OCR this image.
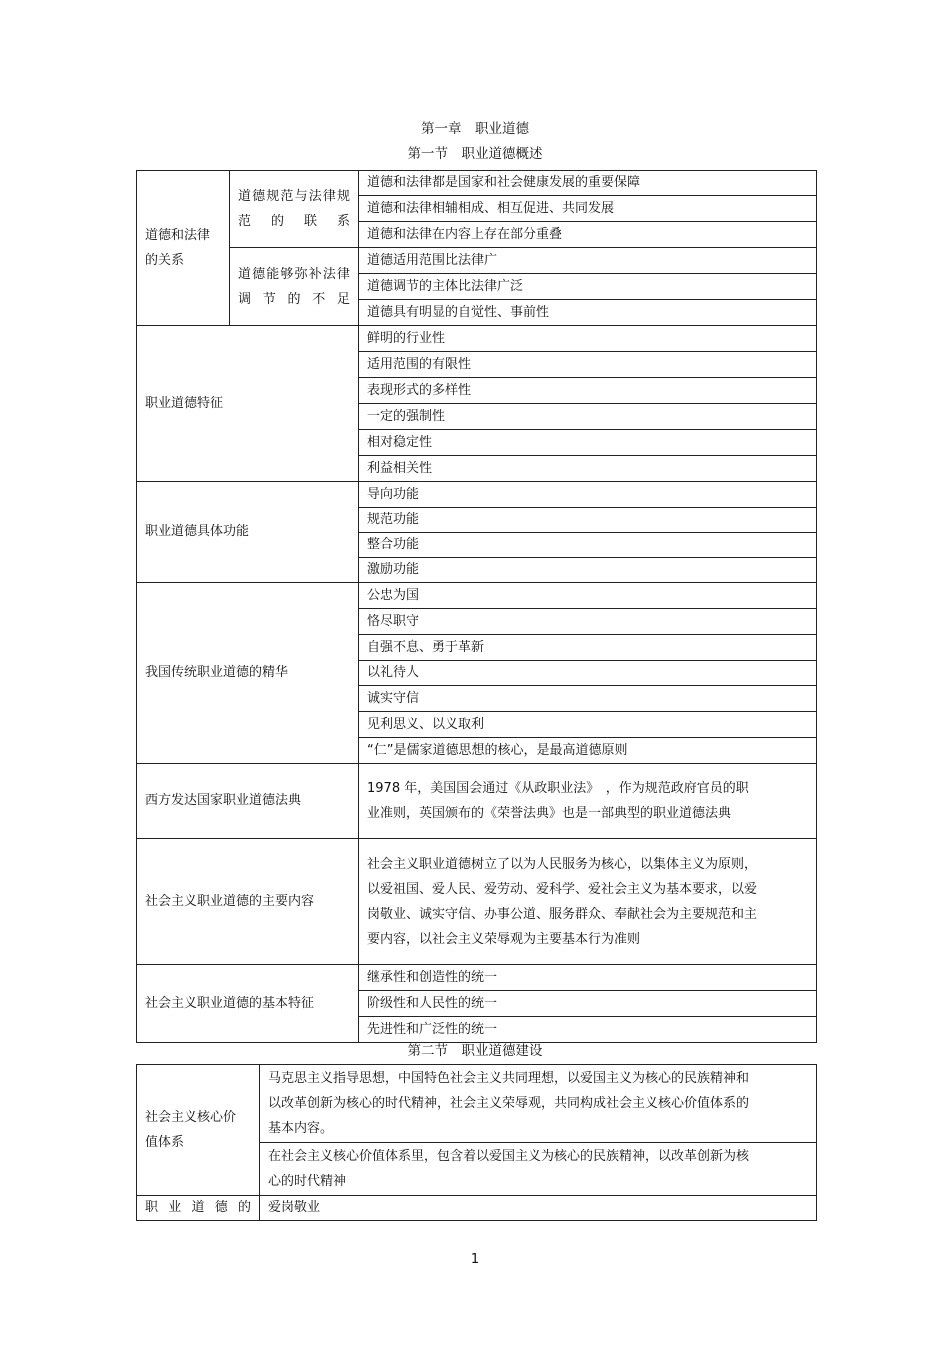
第一章　职业道德
第一节　职业道德概述
道德和法律的关系	道德规范与法律规范的联系	道德和法律都是国家和社会健康发展的重要保障
		道德和法律相辅相成、相互促进、共同发展
		道德和法律在内容上存在部分重叠
	道德能够弥补法律调节的不足	道德适用范围比法律广
		道德调节的主体比法律广泛
		道德具有明显的自觉性、事前性
职业道德特征		鲜明的行业性
		适用范围的有限性
		表现形式的多样性
		一定的强制性
		相对稳定性
		利益相关性
职业道德具体功能		导向功能
		规范功能
		整合功能
		激励功能
我国传统职业道德的精华		公忠为国
		恪尽职守
		自强不息、勇于革新
		以礼待人
		诚实守信
		见利思义、以义取利
		“仁”是儒家道德思想的核心，是最高道德原则
西方发达国家职业道德法典		1978 年，美国国会通过《从政职业法》　，作为规范政府官员的职业准则，英国颁布的《荣誉法典》也是一部典型的职业道德法典
社会主义职业道德的主要内容		社会主义职业道德树立了以为人民服务为核心，以集体主义为原则，以爱祖国、爱人民、爱劳动、爱科学、爱社会主义为基本要求，以爱岗敬业、诚实守信、办事公道、服务群众、奉献社会为主要规范和主要内容，以社会主义荣辱观为主要基本行为准则
社会主义职业道德的基本特征		继承性和创造性的统一
		阶级性和人民性的统一
		先进性和广泛性的统一
第二节　职业道德建设
社会主义核心价值体系	马克思主义指导思想，中国特色社会主义共同理想，以爱国主义为核心的民族精神和以改革创新为核心的时代精神，社会主义荣辱观，共同构成社会主义核心价值体系的基本内容。
	在社会主义核心价值体系里，包含着以爱国主义为核心的民族精神，以改革创新为核心的时代精神
职业道德的	爱岗敬业
1
